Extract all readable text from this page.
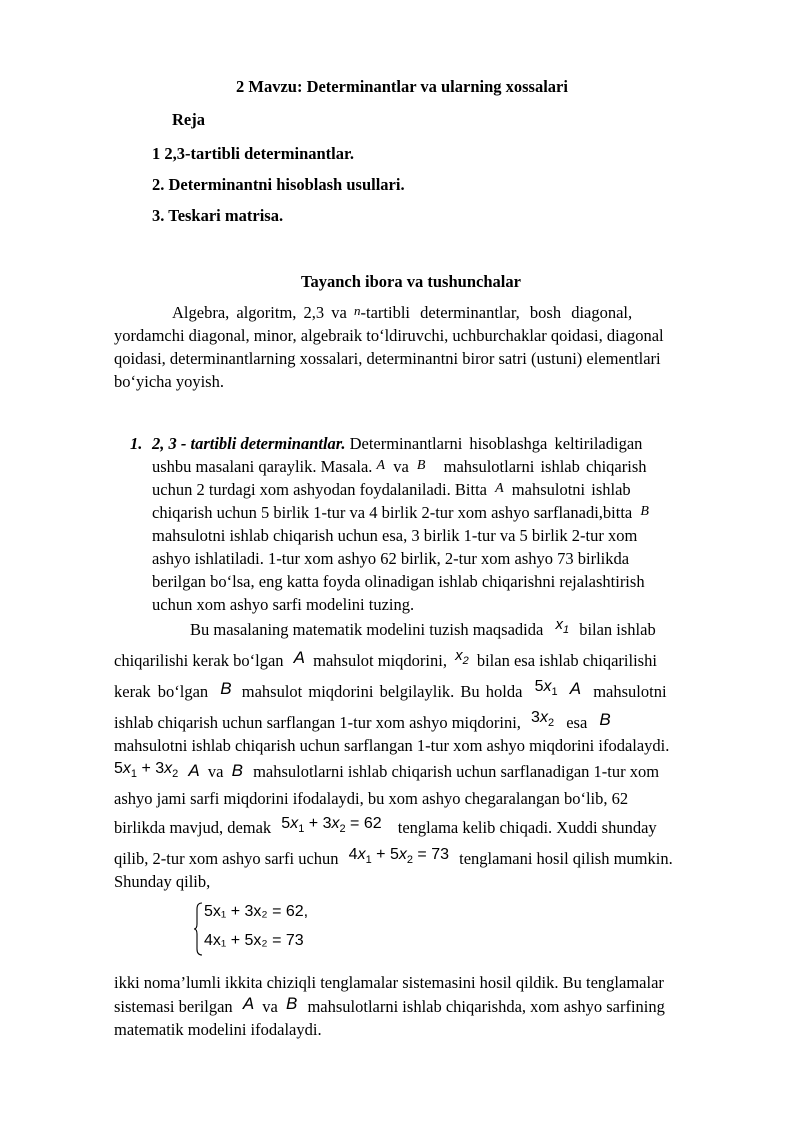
2 Mavzu: Determinantlar va ularning xossalari
Reja
1 2,3-tartibli determinantlar.
2. Determinantni hisoblash usullari.
3. Teskari matrisa.
Tayanch ibora va tushunchalar
Algebra, algoritm, 2,3 va n-tartibli determinantlar, bosh diagonal,
yordamchi diagonal, minor, algebraik to‘ldiruvchi, uchburchaklar qoidasi, diagonal
qoidasi, determinantlarning xossalari, determinantni biror satri (ustuni) elementlari
bo‘yicha yoyish.
1. 2, 3 - tartibli determinantlar. Determinantlarni hisoblashga keltiriladigan
ushbu masalani qaraylik. Masala. A va B mahsulotlarni ishlab chiqarish
uchun 2 turdagi xom ashyodan foydalaniladi. Bitta A mahsulotni ishlab
chiqarish uchun 5 birlik 1-tur va 4 birlik 2-tur xom ashyo sarflanadi,bitta B
mahsulotni ishlab chiqarish uchun esa, 3 birlik 1-tur va 5 birlik 2-tur xom
ashyo ishlatiladi. 1-tur xom ashyo 62 birlik, 2-tur xom ashyo 73 birlikda
berilgan bo‘lsa, eng katta foyda olinadigan ishlab chiqarishni rejalashtirish
uchun xom ashyo sarfi modelini tuzing.
Bu masalaning matematik modelini tuzish maqsadida $x_1$ bilan ishlab
chiqarilishi kerak bo‘lgan A mahsulot miqdorini, $x_2$ bilan esa ishlab chiqarilishi
kerak bo‘lgan B mahsulot miqdorini belgilaylik. Bu holda $5x_1$ A mahsulotni
ishlab chiqarish uchun sarflangan 1-tur xom ashyo miqdorini, $3x_2$ esa B
mahsulotni ishlab chiqarish uchun sarflangan 1-tur xom ashyo miqdorini ifodalaydi.
$5x_1 + 3x_2$ A va B mahsulotlarni ishlab chiqarish uchun sarflanadigan 1-tur xom
ashyo jami sarfi miqdorini ifodalaydi, bu xom ashyo chegaralangan bo‘lib, 62
birlikda mavjud, demak $5x_1 + 3x_2 = 62$ tenglama kelib chiqadi. Xuddi shunday
qilib, 2-tur xom ashyo sarfi uchun $4x_1 + 5x_2 = 73$ tenglamani hosil qilish mumkin.
Shunday qilib,
5x₁ + 3x₂ = 62,
4x₁ + 5x₂ = 73
ikki noma’lumli ikkita chiziqli tenglamalar sistemasini hosil qildik. Bu tenglamalar
sistemasi berilgan A va B mahsulotlarni ishlab chiqarishda, xom ashyo sarfining
matematik modelini ifodalaydi.
